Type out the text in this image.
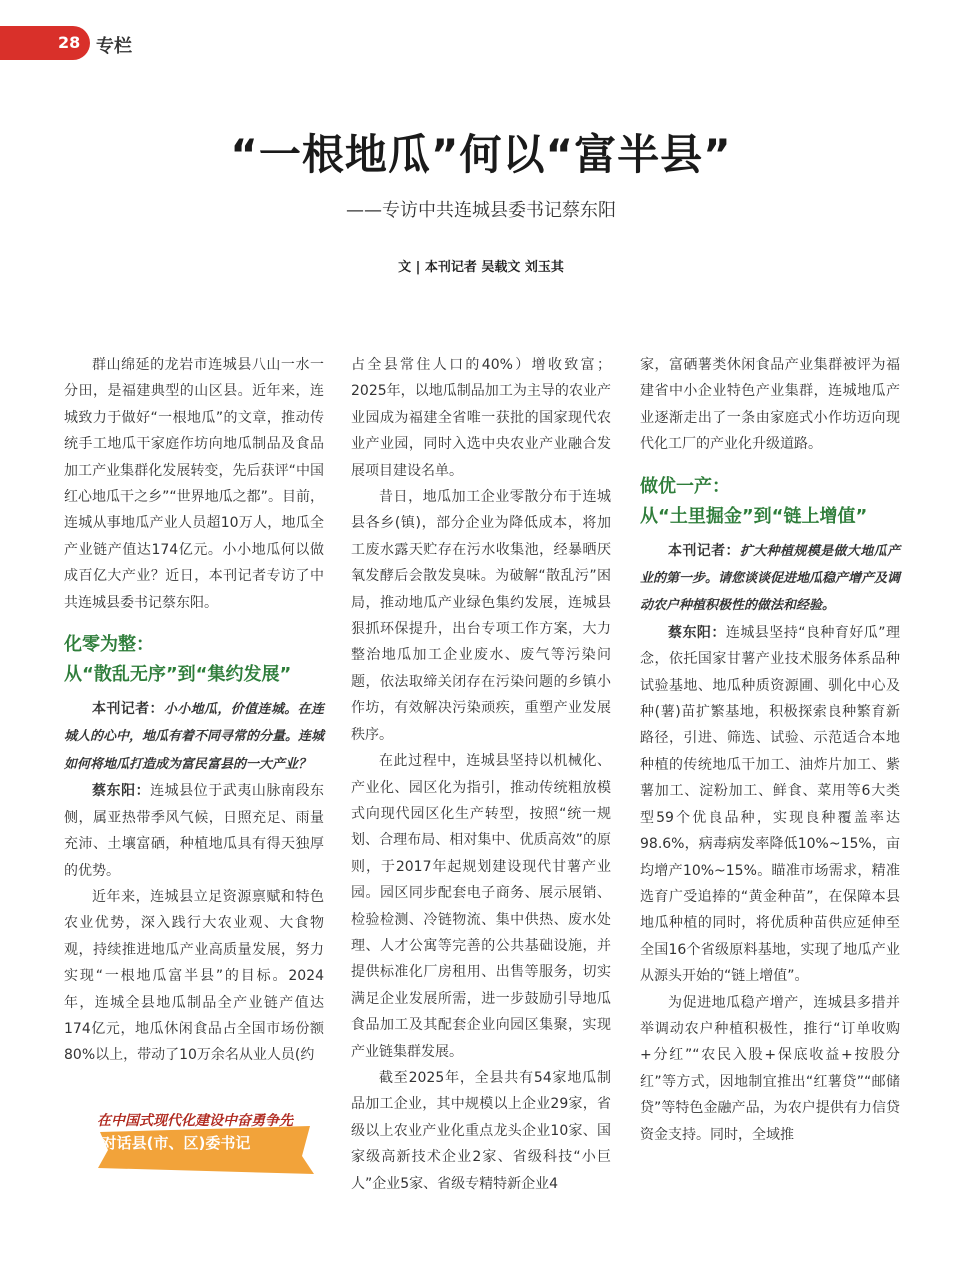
28 专栏
“一根地瓜”何以“富半县”
——专访中共连城县委书记蔡东阳
文 | 本刊记者 吴载文 刘玉其

群山绵延的龙岩市连城县八山一水一分田，是福建典型的山区县。近年来，连城致力于做好“一根地瓜”的文章，推动传统手工地瓜干家庭作坊向地瓜制品及食品加工产业集群化发展转变，先后获评“中国红心地瓜干之乡”“世界地瓜之都”。目前，连城从事地瓜产业人员超10万人，地瓜全产业链产值达174亿元。小小地瓜何以做成百亿大产业？近日，本刊记者专访了中共连城县委书记蔡东阳。

化零为整：
从“散乱无序”到“集约发展”

本刊记者：小小地瓜，价值连城。在连城人的心中，地瓜有着不同寻常的分量。连城如何将地瓜打造成为富民富县的一大产业？

蔡东阳：连城县位于武夷山脉南段东侧，属亚热带季风气候，日照充足、雨量充沛、土壤富硒，种植地瓜具有得天独厚的优势。

近年来，连城县立足资源禀赋和特色农业优势，深入践行大农业观、大食物观，持续推进地瓜产业高质量发展，努力实现“一根地瓜富半县”的目标。2024年，连城全县地瓜制品全产业链产值达174亿元，地瓜休闲食品占全国市场份额80%以上，带动了10万余名从业人员(约

占全县常住人口的40%）增收致富；2025年，以地瓜制品加工为主导的农业产业园成为福建全省唯一获批的国家现代农业产业园，同时入选中央农业产业融合发展项目建设名单。

昔日，地瓜加工企业零散分布于连城县各乡(镇)，部分企业为降低成本，将加工废水露天贮存在污水收集池，经暴晒厌氧发酵后会散发臭味。为破解“散乱污”困局，推动地瓜产业绿色集约发展，连城县狠抓环保提升，出台专项工作方案，大力整治地瓜加工企业废水、废气等污染问题，依法取缔关闭存在污染问题的乡镇小作坊，有效解决污染顽疾，重塑产业发展秩序。

在此过程中，连城县坚持以机械化、产业化、园区化为指引，推动传统粗放模式向现代园区化生产转型，按照“统一规划、合理布局、相对集中、优质高效”的原则，于2017年起规划建设现代甘薯产业园。园区同步配套电子商务、展示展销、检验检测、冷链物流、集中供热、废水处理、人才公寓等完善的公共基础设施，并提供标准化厂房租用、出售等服务，切实满足企业发展所需，进一步鼓励引导地瓜食品加工及其配套企业向园区集聚，实现产业链集群发展。

截至2025年，全县共有54家地瓜制品加工企业，其中规模以上企业29家，省级以上农业产业化重点龙头企业10家、国家级高新技术企业2家、省级科技“小巨人”企业5家、省级专精特新企业4

家，富硒薯类休闲食品产业集群被评为福建省中小企业特色产业集群，连城地瓜产业逐渐走出了一条由家庭式小作坊迈向现代化工厂的产业化升级道路。

做优一产：
从“土里掘金”到“链上增值”

本刊记者：扩大种植规模是做大地瓜产业的第一步。请您谈谈促进地瓜稳产增产及调动农户种植积极性的做法和经验。

蔡东阳：连城县坚持“良种育好瓜”理念，依托国家甘薯产业技术服务体系品种试验基地、地瓜种质资源圃、驯化中心及种(薯)苗扩繁基地，积极探索良种繁育新路径，引进、筛选、试验、示范适合本地种植的传统地瓜干加工、油炸片加工、紫薯加工、淀粉加工、鲜食、菜用等6大类型59个优良品种，实现良种覆盖率达98.6%，病毒病发率降低10%~15%，亩均增产10%~15%。瞄准市场需求，精准选育广受追捧的“黄金种苗”，在保障本县地瓜种植的同时，将优质种苗供应延伸至全国16个省级原料基地，实现了地瓜产业从源头开始的“链上增值”。

为促进地瓜稳产增产，连城县多措并举调动农户种植积极性，推行“订单收购+分红”“农民入股+保底收益+按股分红”等方式，因地制宜推出“红薯贷”“邮储贷”等特色金融产品，为农户提供有力信贷资金支持。同时，全域推

在中国式现代化建设中奋勇争先
对话县(市、区)委书记
